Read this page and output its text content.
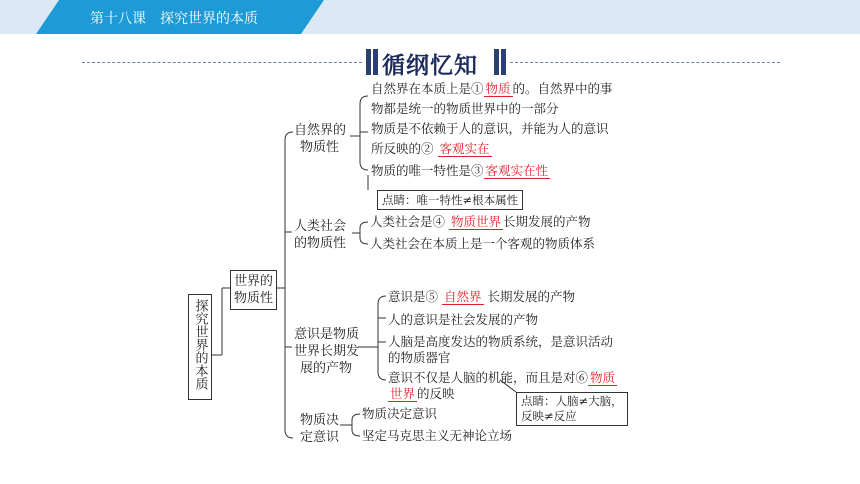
第十八课　探究世界的本质
循纲忆知
探究世界的本质
世界的
物质性
自然界的
物质性
自然界在本质上是① 物质 的。自然界中的事
物都是统一的物质世界中的一部分
物质是不依赖于人的意识，并能为人的意识
所反映的② 客观实在
物质的唯一特性是③ 客观实在性
点睛：唯一特性≠根本属性
人类社会
的物质性
人类社会是④ 物质世界 长期发展的产物
人类社会在本质上是一个客观的物质体系
意识是物质
世界长期发
展的产物
意识是⑤ 自然界 长期发展的产物
人的意识是社会发展的产物
人脑是高度发达的物质系统，是意识活动
的物质器官
意识不仅是人脑的机能，而且是对⑥ 物质
世界 的反映	点睛：人脑≠大脑，
反映≠反应
物质决
定意识
物质决定意识
坚定马克思主义无神论立场
